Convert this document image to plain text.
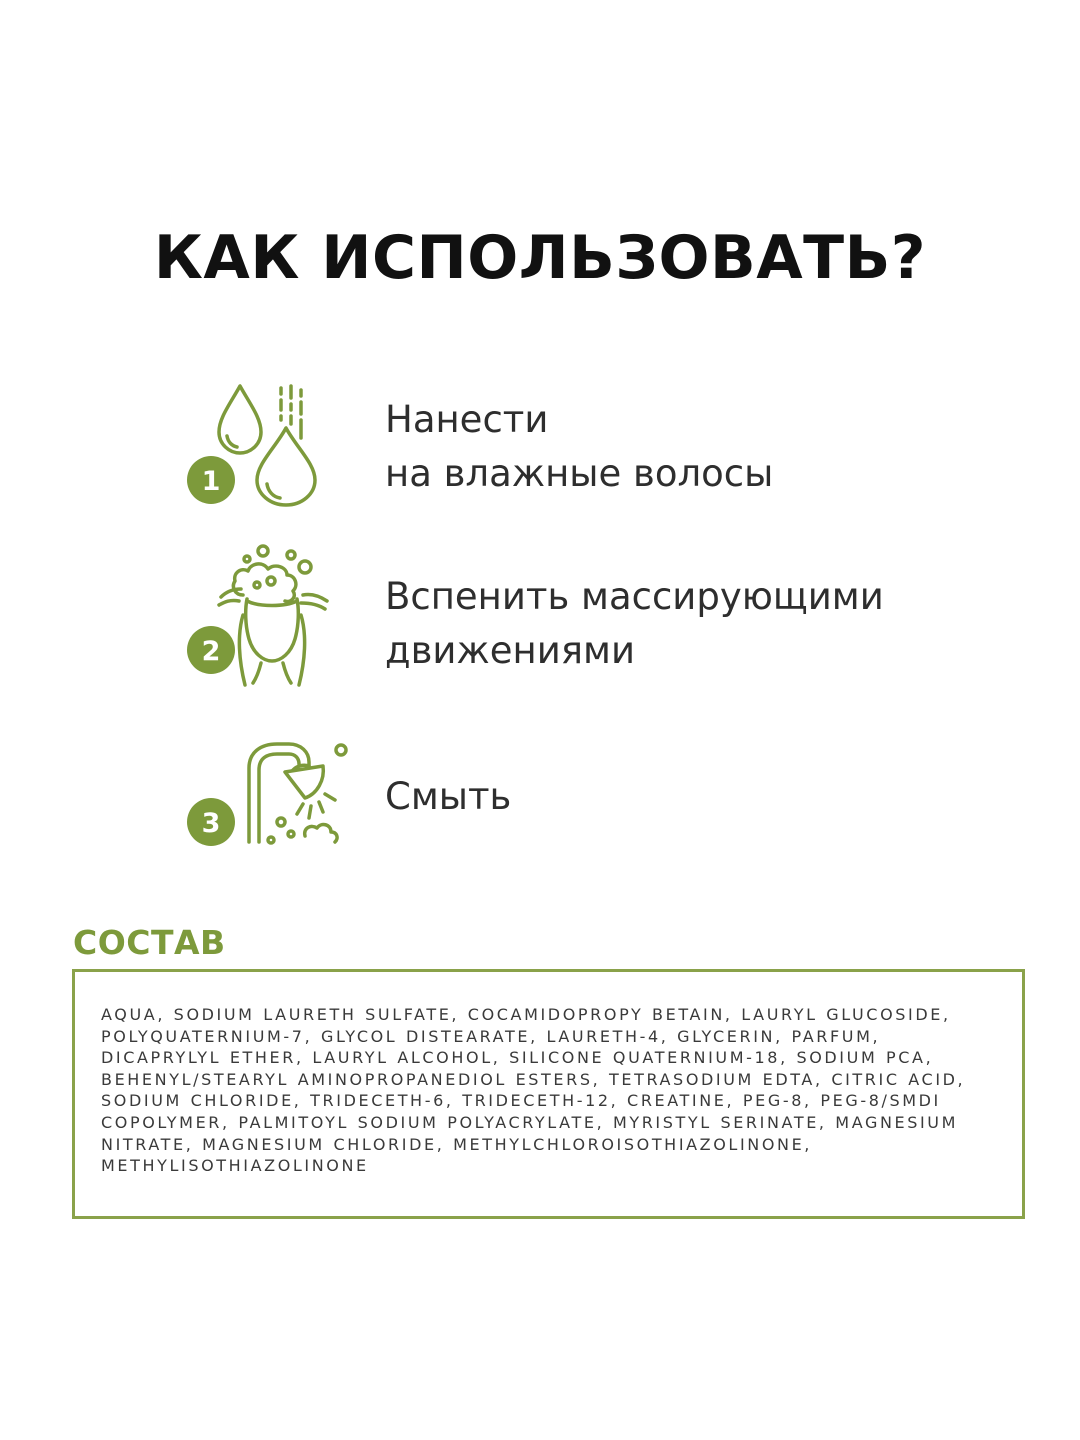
КАК ИСПОЛЬЗОВАТЬ?
1
Нанести
на влажные волосы
2
Вспенить массирующими
движениями
3
Смыть
СОСТАВ
AQUA, SODIUM LAURETH SULFATE, COCAMIDOPROPY BETAIN, LAURYL GLUCOSIDE, POLYQUATERNIUM-7, GLYCOL DISTEARATE, LAURETH-4, GLYCERIN, PARFUM, DICAPRYLYL ETHER, LAURYL ALCOHOL, SILICONE QUATERNIUM-18, SODIUM PCA, BEHENYL/STEARYL AMINOPROPANEDIOL ESTERS, TETRASODIUM EDTA, CITRIC ACID, SODIUM CHLORIDE, TRIDECETH-6, TRIDECETH-12, CREATINE, PEG-8, PEG-8/SMDI COPOLYMER, PALMITOYL SODIUM POLYACRYLATE, MYRISTYL SERINATE, MAGNESIUM NITRATE, MAGNESIUM CHLORIDE, METHYLCHLOROISOTHIAZOLINONE, METHYLISOTHIAZOLINONE
